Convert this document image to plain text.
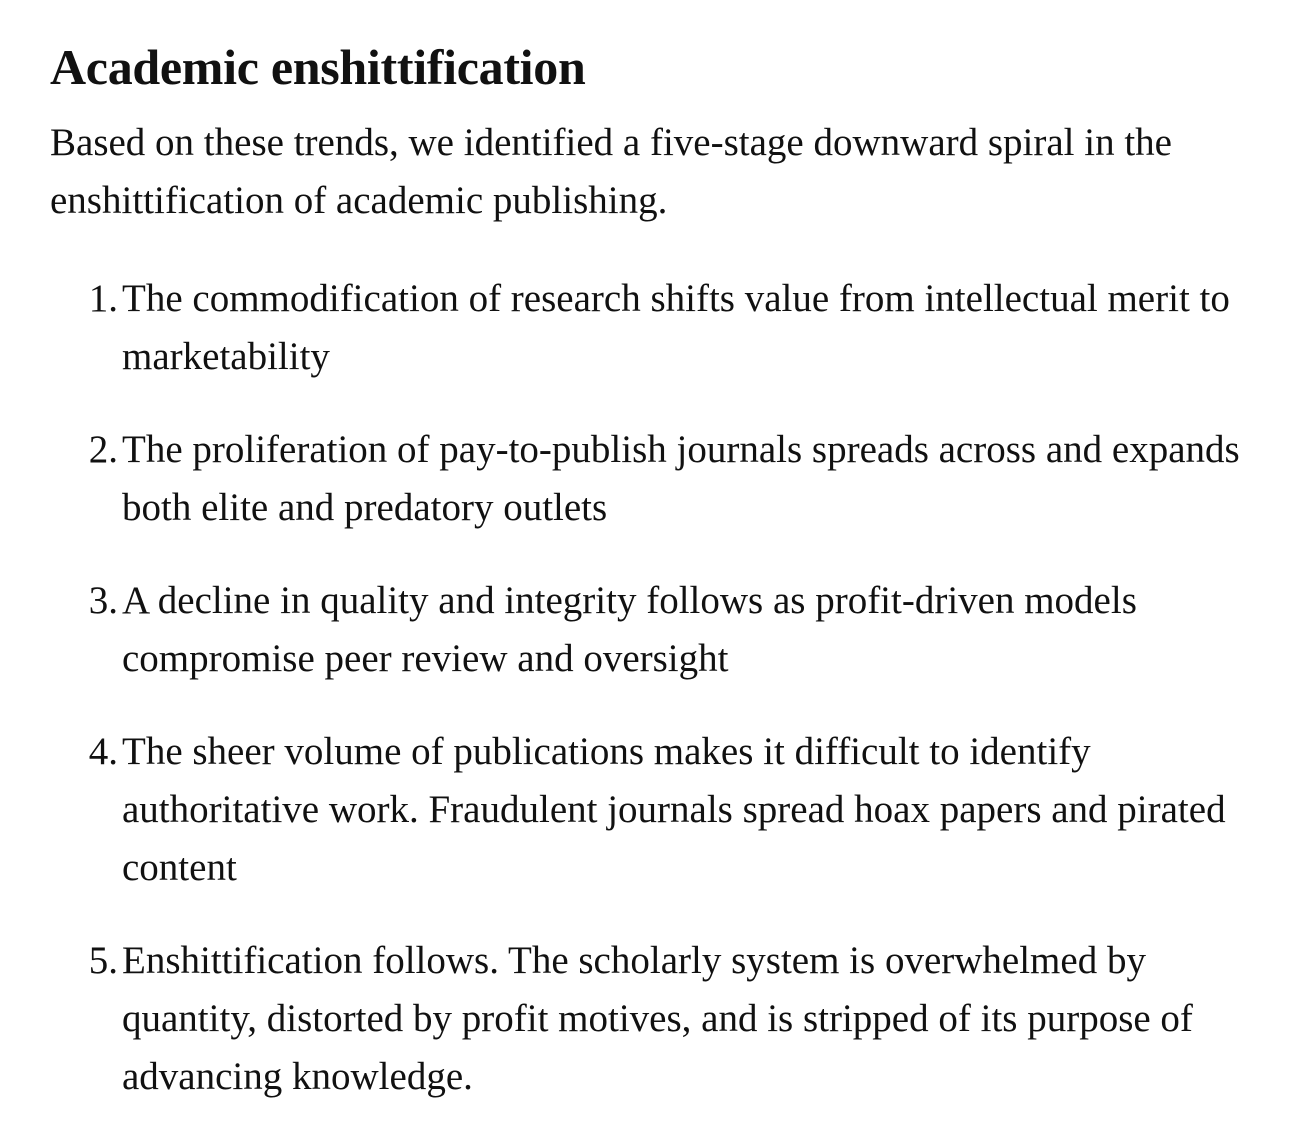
Academic enshittification

Based on these trends, we identified a five-stage downward spiral in the enshittification of academic publishing.

1. The commodification of research shifts value from intellectual merit to marketability
2. The proliferation of pay-to-publish journals spreads across and expands both elite and predatory outlets
3. A decline in quality and integrity follows as profit-driven models compromise peer review and oversight
4. The sheer volume of publications makes it difficult to identify authoritative work. Fraudulent journals spread hoax papers and pirated content
5. Enshittification follows. The scholarly system is overwhelmed by quantity, distorted by profit motives, and is stripped of its purpose of advancing knowledge.
